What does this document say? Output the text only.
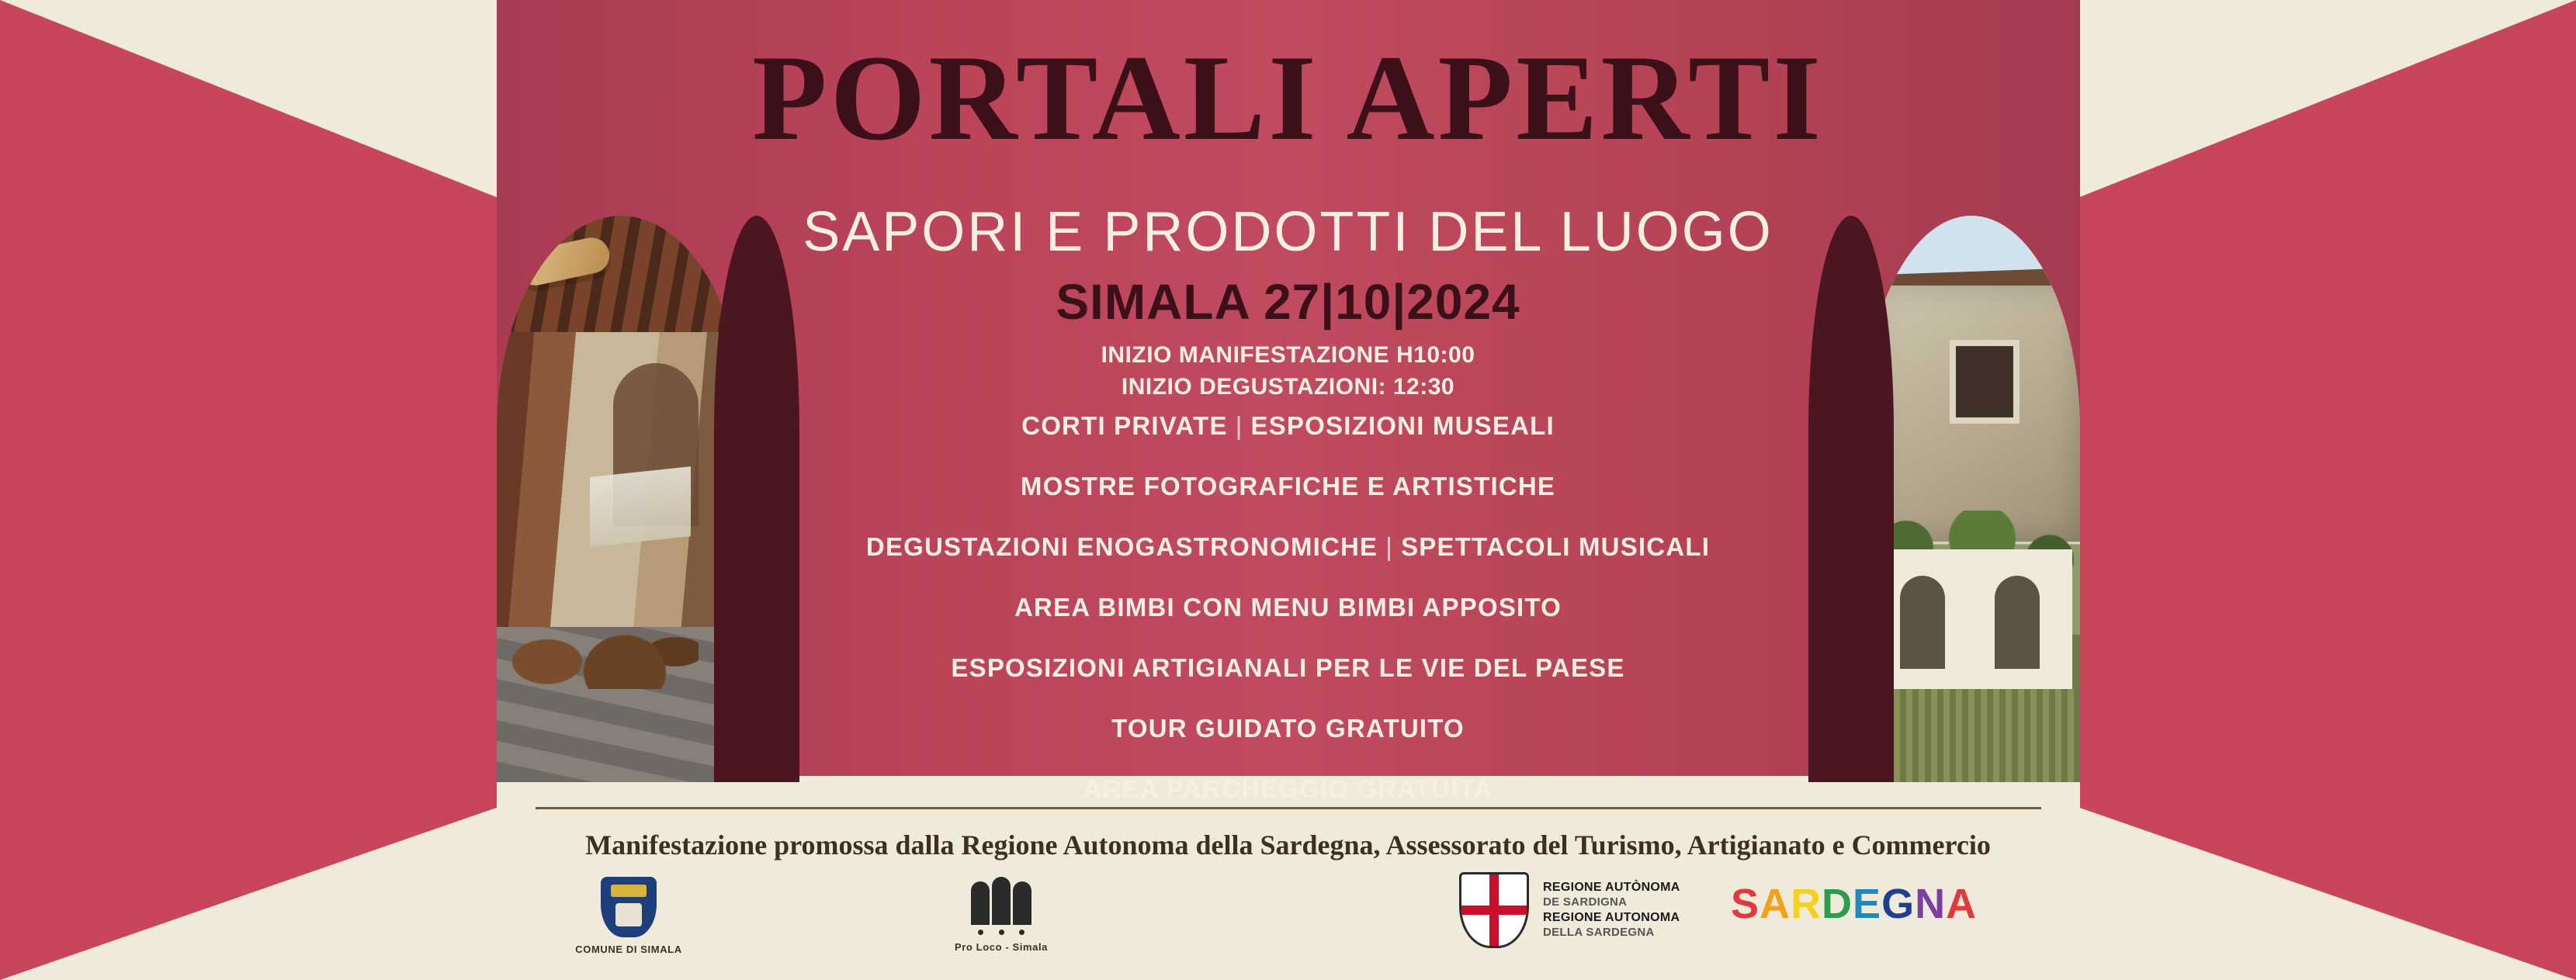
PORTALI APERTI
SAPORI E PRODOTTI DEL LUOGO
SIMALA 27|10|2024
INIZIO MANIFESTAZIONE H10:00
INIZIO DEGUSTAZIONI: 12:30
CORTI PRIVATE | ESPOSIZIONI MUSEALI
MOSTRE FOTOGRAFICHE E ARTISTICHE
DEGUSTAZIONI ENOGASTRONOMICHE | SPETTACOLI MUSICALI
AREA BIMBI CON MENU BIMBI APPOSITO
ESPOSIZIONI ARTIGIANALI PER LE VIE DEL PAESE
TOUR GUIDATO GRATUITO
AREA PARCHEGGIO GRATUITA
Manifestazione promossa dalla Regione Autonoma della Sardegna, Assessorato del Turismo, Artigianato e Commercio
COMUNE DI SIMALA	Pro Loco - Simala
REGIONE AUTÒNOMA
DE SARDIGNA
REGIONE AUTONOMA
DELLA SARDEGNA
SARDEGNA
